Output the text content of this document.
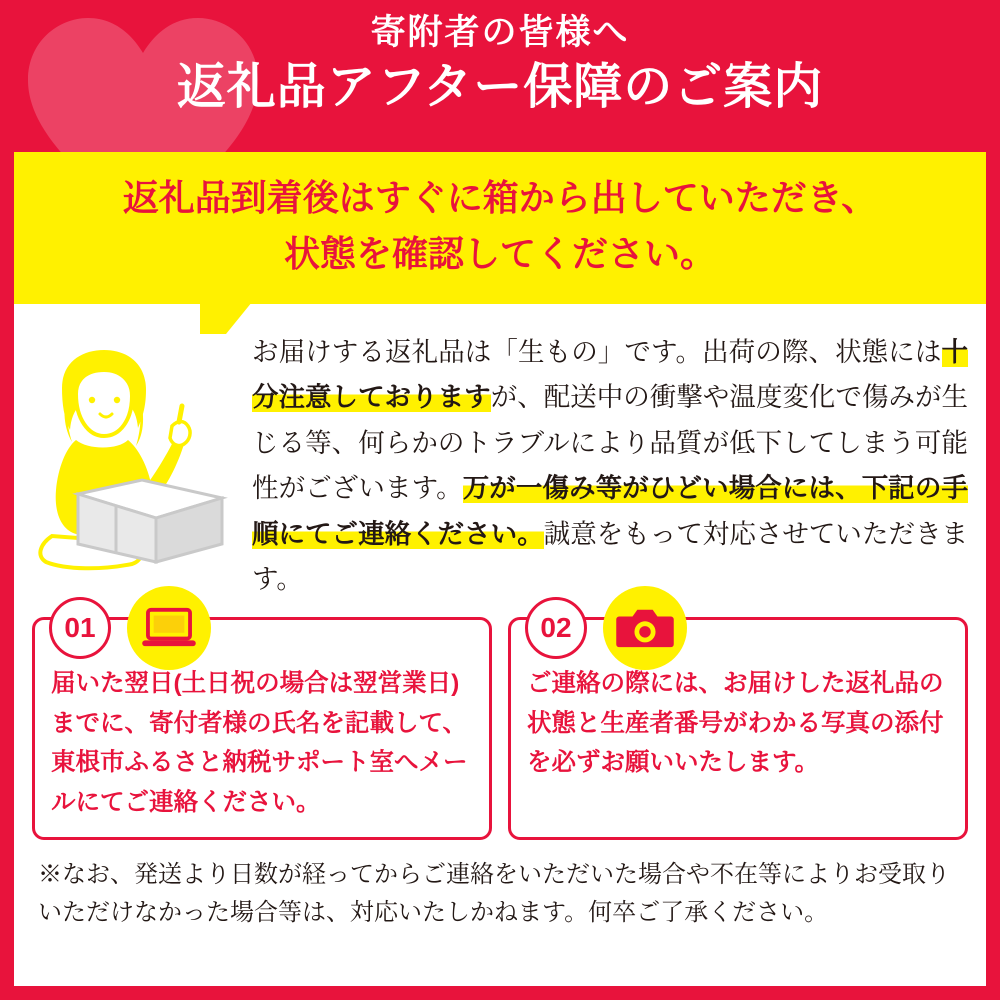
寄附者の皆様へ
返礼品アフター保障のご案内
返礼品到着後はすぐに箱から出していただき、
状態を確認してください。

お届けする返礼品は「生もの」です。出荷の際、状態には十分注意しておりますが、配送中の衝撃や温度変化で傷みが生じる等、何らかのトラブルにより品質が低下してしまう可能性がございます。万が一傷み等がひどい場合には、下記の手順にてご連絡ください。誠意をもって対応させていただきます。

01
届いた翌日(土日祝の場合は翌営業日)までに、寄付者様の氏名を記載して、東根市ふるさと納税サポート室へメールにてご連絡ください。
02
ご連絡の際には、お届けした返礼品の状態と生産者番号がわかる写真の添付を必ずお願いいたします。
※なお、発送より日数が経ってからご連絡をいただいた場合や不在等によりお受取りいただけなかった場合等は、対応いたしかねます。何卒ご了承ください。
